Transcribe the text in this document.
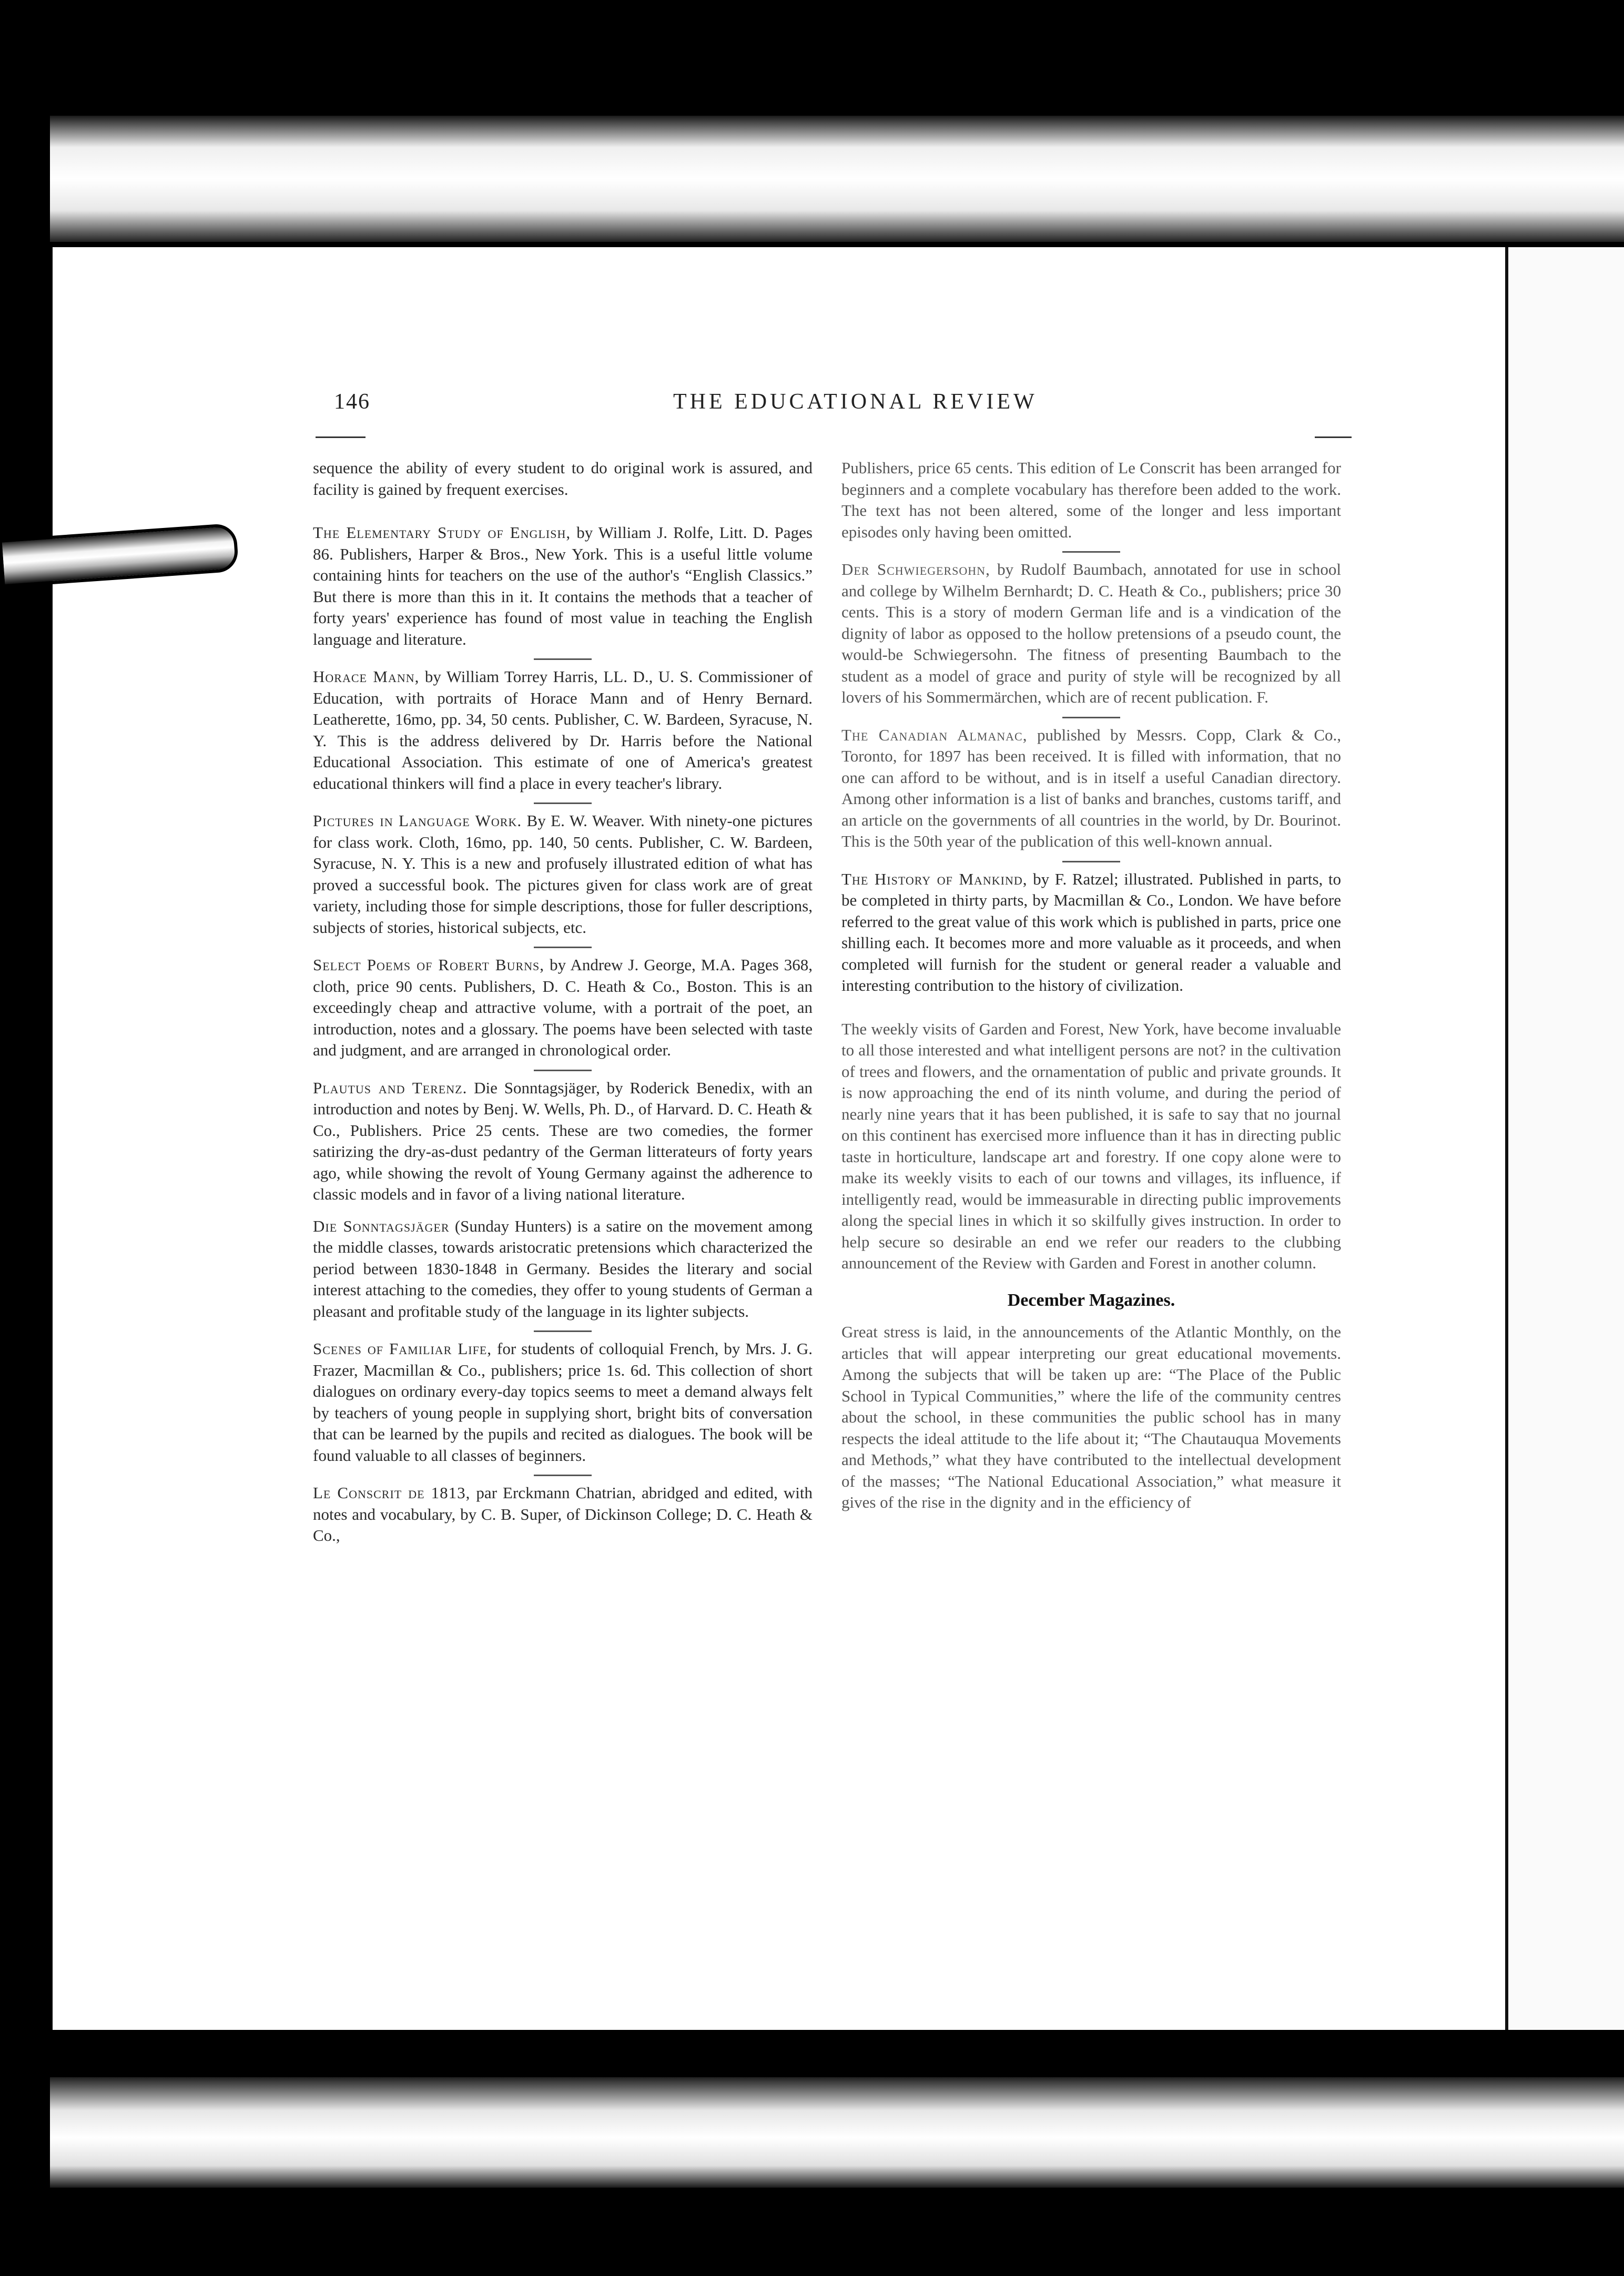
146	THE EDUCATIONAL REVIEW

sequence the ability of every student to do original work is assured, and facility is gained by frequent exercises.

The Elementary Study of English, by William J. Rolfe, Litt. D. Pages 86. Publishers, Harper & Bros., New York. This is a useful little volume containing hints for teachers on the use of the author's “English Classics.” But there is more than this in it. It contains the methods that a teacher of forty years' experience has found of most value in teaching the English language and literature.

Horace Mann, by William Torrey Harris, LL. D., U. S. Commissioner of Education, with portraits of Horace Mann and of Henry Bernard. Leatherette, 16mo, pp. 34, 50 cents. Publisher, C. W. Bardeen, Syracuse, N. Y. This is the address delivered by Dr. Harris before the National Educational Association. This estimate of one of America's greatest educational thinkers will find a place in every teacher's library.

Pictures in Language Work. By E. W. Weaver. With ninety-one pictures for class work. Cloth, 16mo, pp. 140, 50 cents. Publisher, C. W. Bardeen, Syracuse, N. Y. This is a new and profusely illustrated edition of what has proved a successful book. The pictures given for class work are of great variety, including those for simple descriptions, those for fuller descriptions, subjects of stories, historical subjects, etc.

Select Poems of Robert Burns, by Andrew J. George, M.A. Pages 368, cloth, price 90 cents. Publishers, D. C. Heath & Co., Boston. This is an exceedingly cheap and attractive volume, with a portrait of the poet, an introduction, notes and a glossary. The poems have been selected with taste and judgment, and are arranged in chronological order.

Plautus and Terenz. Die Sonntagsjäger, by Roderick Benedix, with an introduction and notes by Benj. W. Wells, Ph. D., of Harvard. D. C. Heath & Co., Publishers. Price 25 cents. These are two comedies, the former satirizing the dry-as-dust pedantry of the German litterateurs of forty years ago, while showing the revolt of Young Germany against the adherence to classic models and in favor of a living national literature.

Die Sonntagsjäger (Sunday Hunters) is a satire on the movement among the middle classes, towards aristocratic pretensions which characterized the period between 1830-1848 in Germany. Besides the literary and social interest attaching to the comedies, they offer to young students of German a pleasant and profitable study of the language in its lighter subjects.

Scenes of Familiar Life, for students of colloquial French, by Mrs. J. G. Frazer, Macmillan & Co., publishers; price 1s. 6d. This collection of short dialogues on ordinary every-day topics seems to meet a demand always felt by teachers of young people in supplying short, bright bits of conversation that can be learned by the pupils and recited as dialogues. The book will be found valuable to all classes of beginners.

Le Conscrit de 1813, par Erckmann Chatrian, abridged and edited, with notes and vocabulary, by C. B. Super, of Dickinson College; D. C. Heath & Co.,

Publishers, price 65 cents. This edition of Le Conscrit has been arranged for beginners and a complete vocabulary has therefore been added to the work. The text has not been altered, some of the longer and less important episodes only having been omitted.

Der Schwiegersohn, by Rudolf Baumbach, annotated for use in school and college by Wilhelm Bernhardt; D. C. Heath & Co., publishers; price 30 cents. This is a story of modern German life and is a vindication of the dignity of labor as opposed to the hollow pretensions of a pseudo count, the would-be Schwiegersohn. The fitness of presenting Baumbach to the student as a model of grace and purity of style will be recognized by all lovers of his Sommermärchen, which are of recent publication. F.

The Canadian Almanac, published by Messrs. Copp, Clark & Co., Toronto, for 1897 has been received. It is filled with information, that no one can afford to be without, and is in itself a useful Canadian directory. Among other information is a list of banks and branches, customs tariff, and an article on the governments of all countries in the world, by Dr. Bourinot. This is the 50th year of the publication of this well-known annual.

The History of Mankind, by F. Ratzel; illustrated. Published in parts, to be completed in thirty parts, by Macmillan & Co., London. We have before referred to the great value of this work which is published in parts, price one shilling each. It becomes more and more valuable as it proceeds, and when completed will furnish for the student or general reader a valuable and interesting contribution to the history of civilization.

The weekly visits of Garden and Forest, New York, have become invaluable to all those interested and what intelligent persons are not? in the cultivation of trees and flowers, and the ornamentation of public and private grounds. It is now approaching the end of its ninth volume, and during the period of nearly nine years that it has been published, it is safe to say that no journal on this continent has exercised more influence than it has in directing public taste in horticulture, landscape art and forestry. If one copy alone were to make its weekly visits to each of our towns and villages, its influence, if intelligently read, would be immeasurable in directing public improvements along the special lines in which it so skilfully gives instruction. In order to help secure so desirable an end we refer our readers to the clubbing announcement of the Review with Garden and Forest in another column.

December Magazines.

Great stress is laid, in the announcements of the Atlantic Monthly, on the articles that will appear interpreting our great educational movements. Among the subjects that will be taken up are: “The Place of the Public School in Typical Communities,” where the life of the community centres about the school, in these communities the public school has in many respects the ideal attitude to the life about it; “The Chautauqua Movements and Methods,” what they have contributed to the intellectual development of the masses; “The National Educational Association,” what measure it gives of the rise in the dignity and in the efficiency of
